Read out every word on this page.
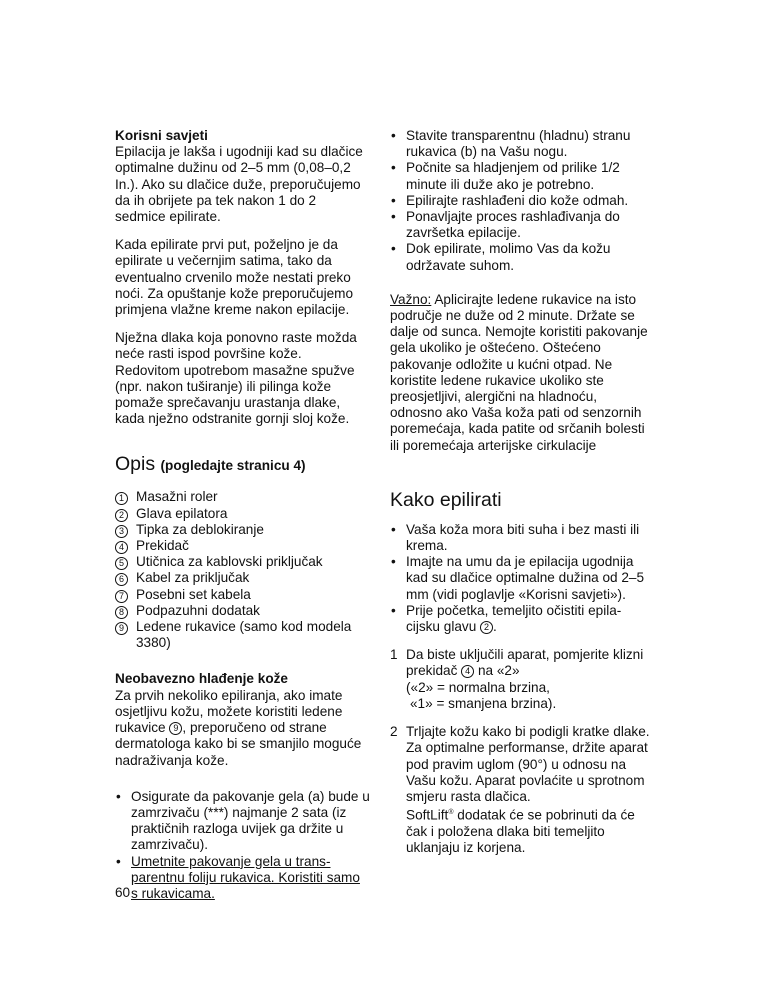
Korisni savjeti

Epilacija je lakša i ugodniji kad su dlačice optimalne dužinu od 2–5 mm (0,08–0,2 In.). Ako su dlačice duže, preporučujemo da ih obrijete pa tek nakon 1 do 2 sedmice epilirate.

Kada epilirate prvi put, poželjno je da epilirate u večernjim satima, tako da eventualno crvenilo može nestati preko noći. Za opuštanje kože preporučujemo primjena vlažne kreme nakon epilacije.

Nježna dlaka koja ponovno raste možda neće rasti ispod površine kože. Redovitom upotrebom masažne spužve (npr. nakon tuširanje) ili pilinga kože pomaže sprečavanju urastanja dlake, kada nježno odstranite gornji sloj kože.

Opis (pogledajte stranicu 4)
1 Masažni roler
2 Glava epilatora
3 Tipka za deblokiranje
4 Prekidač
5 Utičnica za kablovski priključak
6 Kabel za priključak
7 Posebni set kabela
8 Podpazuhni dodatak
9 Ledene rukavice (samo kod modela 3380)

Neobavezno hlađenje kože

Za prvih nekoliko epiliranja, ako imate osjetljivu kožu, možete koristiti ledene rukavice 9 , preporučeno od strane dermatologa kako bi se smanjilo moguće nadraživanja kože.

• Osigurate da pakovanje gela (a) bude u zamrzivaču (***) najmanje 2 sata (iz praktičnih razloga uvijek ga držite u zamrzivaču).
• Umetnite pakovanje gela u trans-parentnu foliju rukavica. Koristiti samo s rukavicama.
• Stavite transparentnu (hladnu) stranu rukavica (b) na Vašu nogu.
• Počnite sa hladjenjem od prilike 1/2 minute ili duže ako je potrebno.
• Epilirajte rashlađeni dio kože odmah.
• Ponavljajte proces rashlađivanja do završetka epilacije.
• Dok epilirate, molimo Vas da kožu održavate suhom.

Važno: Aplicirajte ledene rukavice na isto područje ne duže od 2 minute. Držate se dalje od sunca. Nemojte koristiti pakovanje gela ukoliko je oštećeno. Oštećeno pakovanje odložite u kućni otpad. Ne koristite ledene rukavice ukoliko ste preosjetljivi, alergični na hladnoću, odnosno ako Vaša koža pati od senzornih poremećaja, kada patite od srčanih bolesti ili poremećaja arterijske cirkulacije

Kako epilirati
• Vaša koža mora biti suha i bez masti ili krema.
• Imajte na umu da je epilacija ugodnija kad su dlačice optimalne dužina od 2–5 mm (vidi poglavlje «Korisni savjeti»).
• Prije početka, temeljito očistiti epila-cijsku glavu 2 .
1 Da biste uključili aparat, pomjerite klizni prekidač 4 na «2»
(«2» = normalna brzina,
«1» = smanjena brzina).
2 Trljajte kožu kako bi podigli kratke dlake.
Za optimalne performanse, držite aparat pod pravim uglom (90°) u odnosu na Vašu kožu. Aparat povlaćite u sprotnom smjeru rasta dlačica.
SoftLift® dodatak će se pobrinuti da će čak i položena dlaka biti temeljito uklanjaju iz korjena.
60
